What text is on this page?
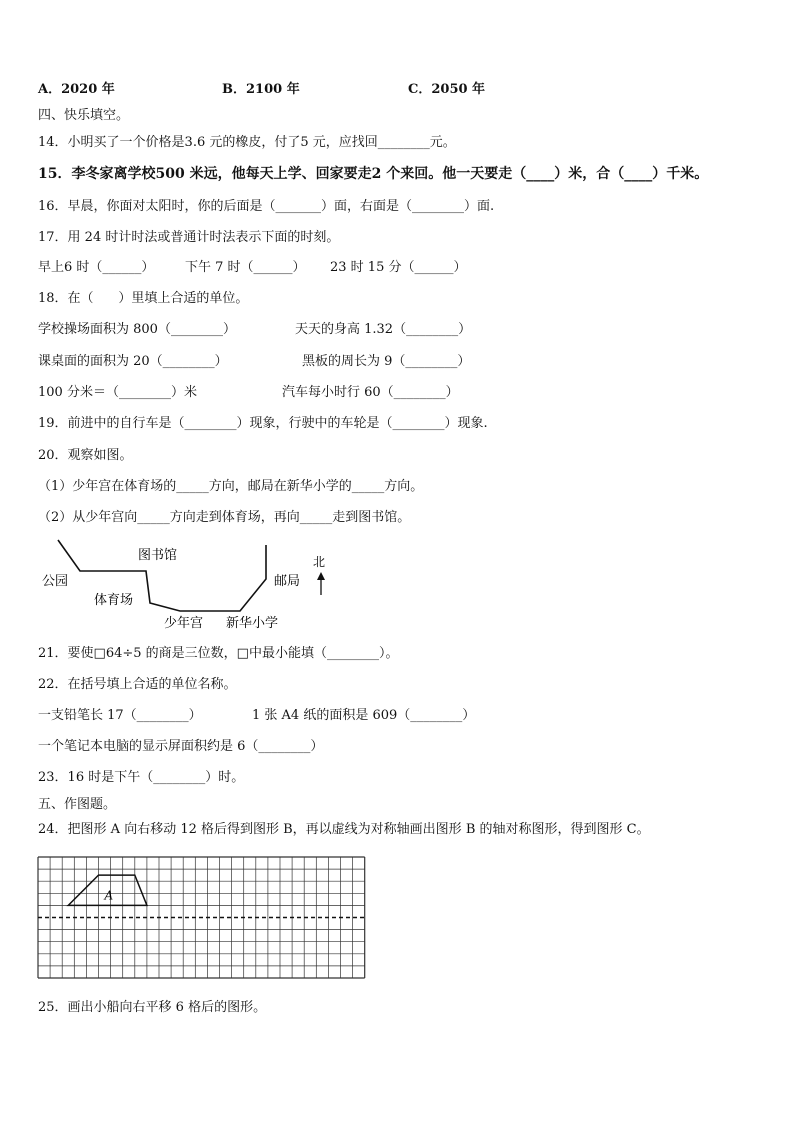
A．2020 年	B．2100 年	C．2050 年
四、快乐填空。
14．小明买了一个价格是3.6 元的橡皮，付了5 元，应找回________元。
15．李冬家离学校500 米远，他每天上学、回家要走2 个来回。他一天要走（____）米，合（____）千米。
16．早晨，你面对太阳时，你的后面是（_______）面，右面是（________）面.
17．用 24 时计时法或普通计时法表示下面的时刻。
早上6 时（______） 下午 7 时（______） 23 时 15 分（______）
18．在（      ）里填上合适的单位。
学校操场面积为 800（________）	天天的身高 1.32（________）
课桌面的面积为 20（________）	黑板的周长为 9（________）
100 分米＝（________）米	汽车每小时行 60（________）
19．前进中的自行车是（________）现象，行驶中的车轮是（________）现象.
20．观察如图。
（1）少年宫在体育场的_____方向，邮局在新华小学的_____方向。
（2）从少年宫向_____方向走到体育场，再向_____走到图书馆。
公园
图书馆
体育场
少年宫 新华小学
邮局
北
21．要使□64÷5 的商是三位数，□中最小能填（________）。
22．在括号填上合适的单位名称。
一支铅笔长 17（________）	1 张 A4 纸的面积是 609（________）
一个笔记本电脑的显示屏面积约是 6（________）
23．16 时是下午（________）时。
五、作图题。
24．把图形 A 向右移动 12 格后得到图形 B，再以虚线为对称轴画出图形 B 的轴对称图形，得到图形 C。
A
25．画出小船向右平移 6 格后的图形。
